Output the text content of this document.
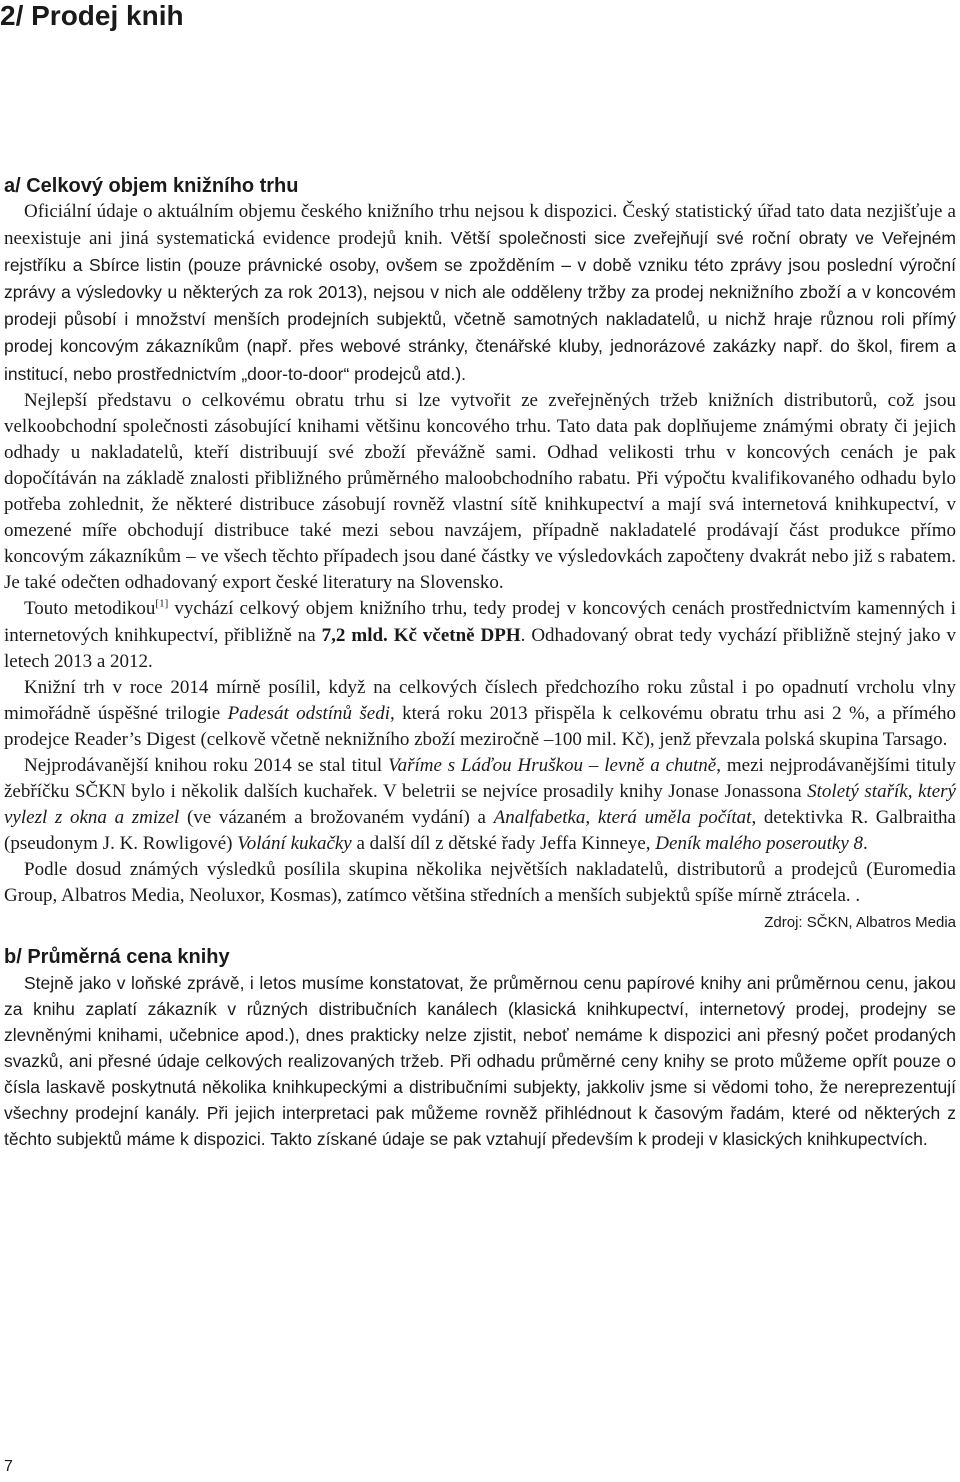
2/ Prodej knih
a/ Celkový objem knižního trhu

Oficiální údaje o aktuálním objemu českého knižního trhu nejsou k dispozici. Český statistický úřad tato data nezjišťuje a neexistuje ani jiná systematická evidence prodejů knih. Větší společnosti sice zveřejňují své roční obraty ve Veřejném rejstříku a Sbírce listin (pouze právnické osoby, ovšem se zpožděním – v době vzniku této zprávy jsou poslední výroční zprávy a výsledovky u některých za rok 2013), nejsou v nich ale odděleny tržby za prodej neknižního zboží a v koncovém prodeji působí i množství menších prodejních subjektů, včetně samotných nakladatelů, u nichž hraje různou roli přímý prodej koncovým zákazníkům (např. přes webové stránky, čtenářské kluby, jednorázové zakázky např. do škol, firem a institucí, nebo prostřednictvím „door-to-door“ prodejců atd.).

Nejlepší představu o celkovému obratu trhu si lze vytvořit ze zveřejněných tržeb knižních distributorů, což jsou velkoobchodní společnosti zásobující knihami většinu koncového trhu. Tato data pak doplňujeme známými obraty či jejich odhady u nakladatelů, kteří distribuují své zboží převážně sami. Odhad velikosti trhu v koncových cenách je pak dopočítáván na základě znalosti přibližného průměrného maloobchodního rabatu. Při výpočtu kvalifikovaného odhadu bylo potřeba zohlednit, že některé distribuce zásobují rovněž vlastní sítě knihkupectví a mají svá internetová knihkupectví, v omezené míře obchodují distribuce také mezi sebou navzájem, případně nakladatelé prodávají část produkce přímo koncovým zákazníkům – ve všech těchto případech jsou dané částky ve výsledovkách započteny dvakrát nebo již s rabatem. Je také odečten odhadovaný export české literatury na Slovensko.

Touto metodikou[1] vychází celkový objem knižního trhu, tedy prodej v koncových cenách prostřednictvím kamenných i internetových knihkupectví, přibližně na 7,2 mld. Kč včetně DPH. Odhadovaný obrat tedy vychází přibližně stejný jako v letech 2013 a 2012.

Knižní trh v roce 2014 mírně posílil, když na celkových číslech předchozího roku zůstal i po opadnutí vrcholu vlny mimořádně úspěšné trilogie Padesát odstínů šedi, která roku 2013 přispěla k celkovému obratu trhu asi 2 %, a přímého prodejce Reader’s Digest (celkově včetně neknižního zboží meziročně –100 mil. Kč), jenž převzala polská skupina Tarsago.

Nejprodávanější knihou roku 2014 se stal titul Vaříme s Láďou Hruškou – levně a chutně, mezi nejprodávanějšími tituly žebříčku SČKN bylo i několik dalších kuchařek. V beletrii se nejvíce prosadily knihy Jonase Jonassona Stoletý stařík, který vylezl z okna a zmizel (ve vázaném a brožovaném vydání) a Analfabetka, která uměla počítat, detektivka R. Galbraitha (pseudonym J. K. Rowligové) Volání kukačky a další díl z dětské řady Jeffa Kinneye, Deník malého poseroutky 8.

Podle dosud známých výsledků posílila skupina několika největších nakladatelů, distributorů a prodejců (Euromedia Group, Albatros Media, Neoluxor, Kosmas), zatímco většina středních a menších subjektů spíše mírně ztrácela. .

Zdroj: SČKN, Albatros Media
b/ Průměrná cena knihy

Stejně jako v loňské zprávě, i letos musíme konstatovat, že průměrnou cenu papírové knihy ani průměrnou cenu, jakou za knihu zaplatí zákazník v různých distribučních kanálech (klasická knihkupectví, internetový prodej, prodejny se zlevněnými knihami, učebnice apod.), dnes prakticky nelze zjistit, neboť nemáme k dispozici ani přesný počet prodaných svazků, ani přesné údaje celkových realizovaných tržeb. Při odhadu průměrné ceny knihy se proto můžeme opřít pouze o čísla laskavě poskytnutá několika knihkupeckými a distribučními subjekty, jakkoliv jsme si vědomi toho, že nereprezentují všechny prodejní kanály. Při jejich interpretaci pak můžeme rovněž přihlédnout k časovým řadám, které od některých z těchto subjektů máme k dispozici. Takto získané údaje se pak vztahují především k prodeji v klasických knihkupectvích.

7
